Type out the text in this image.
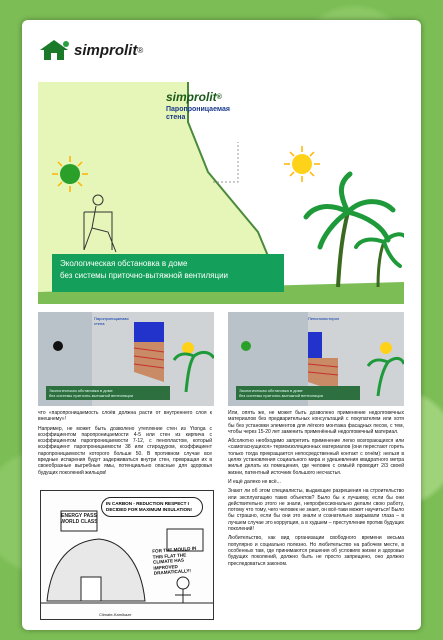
simprolit ®
simprolit ®
Паропроницаемая
стена
Экологическая обстановка в доме
без системы приточно-вытяжной вентиляции
Паропроницаемая стена
Экологическая обстановка в доме
без системы приточно-вытяжной вентиляции
Пенополистирол
Экологическая обстановка в доме
без системы приточно-вытяжной вентиляции

что «паропроницаемость слоёв должна расти от внутреннего слоя к внешнему»!

Например, не может быть дозволено утепление стен из Ytonga с коэффициентом паропроницаемости 4-5 или стен из кирпича с коэффициентом паропроницаемости 7-12, с пенопластом, который коэффициент паропроницаемости 38 или стиродуром, коэффициент паропроницаемости которого больше 50. В противном случае все вредные испарения будут задерживаться внутри стен, превращая их в своеобразные выгребные ямы, потенциально опасные для здоровья будущих поколений жильцов!

IN CARBON - REDUCTION RESPECT I DECIDED FOR MAXIMUM INSULATION!
ENERGY PASS
WORLD CLASS
FOR THE MOULD IN THIS FLAT THE CLIMATE HAS IMPROVED DRAMATICALLY!
Climate-Kamikaze

Или, опять же, не может быть дозволено применение недолговечных материалов без предварительных консультаций с покупателем или хотя бы без установки элементов для лёгкого монтажа фасадных песов, с тем, чтобы через 15-20 лет заменить применённый недолговечный материал.

Абсолютно необходимо запретить применение легко возгорающихся или «самогаснущихся» термоизоляционных материалов (они перестают гореть только тогда прекращается непосредственный контакт с огнём): нельзя в целях установления социального мира и удешевления квадратного метра жилья делать из помещения, где человек с семьёй проводит 2/3 своей жизни, патентный источник большого несчастья.

И ещё далеко не всё...

Знают ли об этом специалисты, выдающие разрешения на строительство или эксплуатацию таких объектов? Было бы к лучшему, если бы они действительно этого не знали, непрофессионально делали свою работу, потому что тому, чего человек не знает, он всё-таки может научиться! Было бы страшно, если бы они это знали и сознательно закрывали глаза – в лучшем случае это коррупция, а в худшем – преступление против будущих поколений!

Любительство, как вид организации свободного времени весьма популярно и социально полезно. Но любительство на рабочем месте, в особенных там, где принимаются решения об условиях жизни и здоровье будущих поколений, должно быть не просто запрещено, оно должно преследоваться законом.
